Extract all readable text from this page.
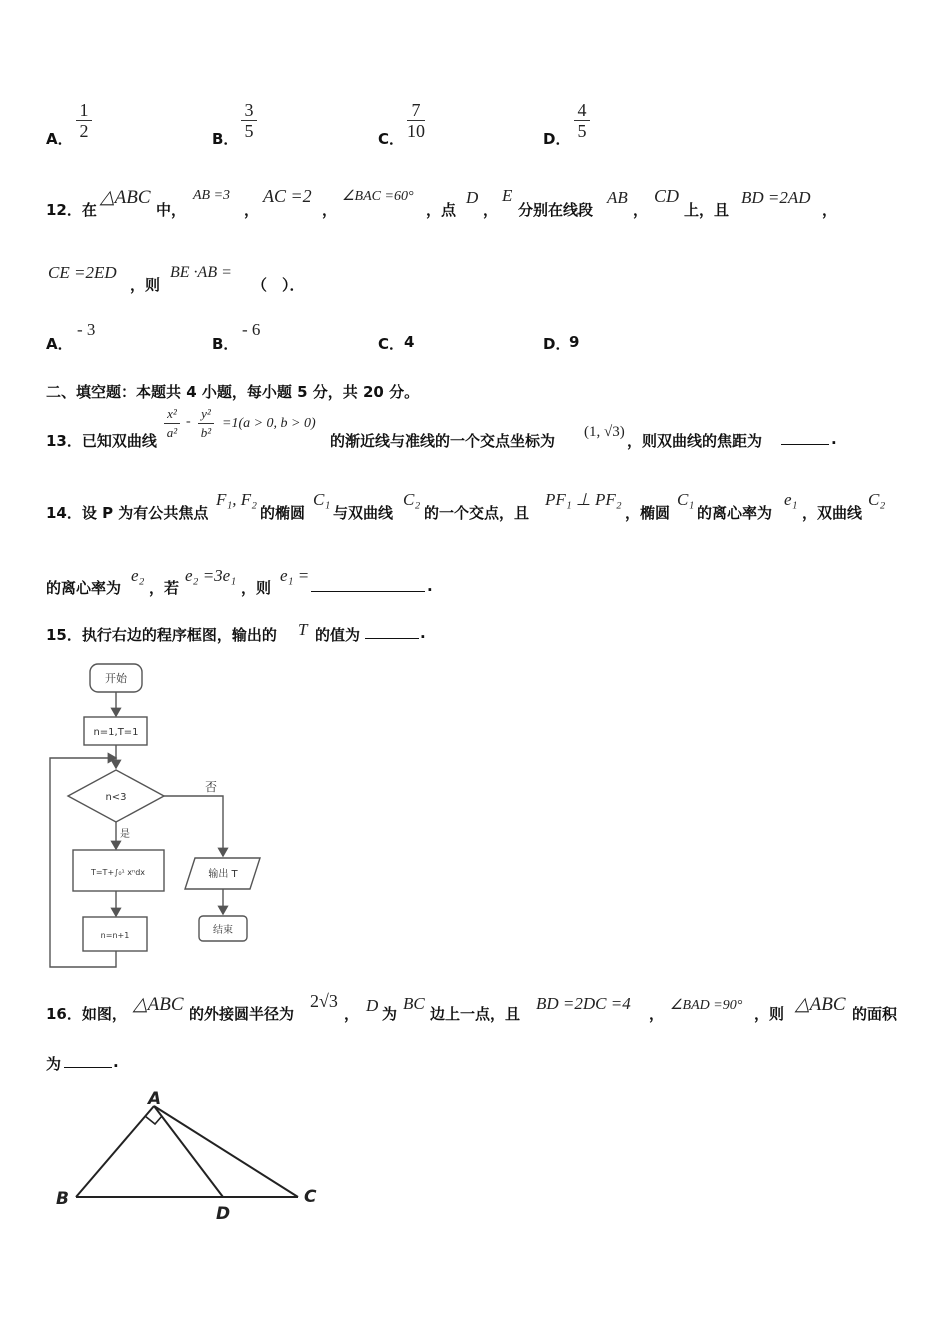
A．
1
2	B．
3
5	C．
7
10	D．
4
5
12．在
△ABC
中，
AB =3
，
AC =2
，
∠BAC =60°
，点
D
，
E
分别在线段
AB
，
CD
上，且
BD =2AD
，
CE =2ED
，则
BE ·AB =
（　）．
A．
- 3
B．
- 6
C． 4	D．
9
二、填空题：本题共 4 小题，每小题 5 分，共 20 分。
13．已知双曲线
x²
a²
-
y²
b²
=1(a > 0, b > 0)
的渐近线与准线的一个交点坐标为 (1, √3) ，则双曲线的焦距为	.
14．设 P 为有公共焦点
F₁, F₂
的椭圆
C₁
与双曲线
C₂
的一个交点，且
PF₁ ⊥ PF₂
，椭圆
C₁
的离心率为
e₁
，双曲线
C₂
的离心率为
e₂
，若
e₂ =3e₁
，则
e₁ =
.
15．执行右边的程序框图，输出的 T 的值为	.
开始
n=1,T=1
n<3
否
是
T=T+∫₀¹ xⁿdx
n=n+1
输出 T
结束
16．如图， △ABC 的外接圆半径为
2√3
， D 为
BC
边上一点，且
BD =2DC =4
， ∠BAD =90° ，则 △ABC 的面积
为	.
A
B	C
D
